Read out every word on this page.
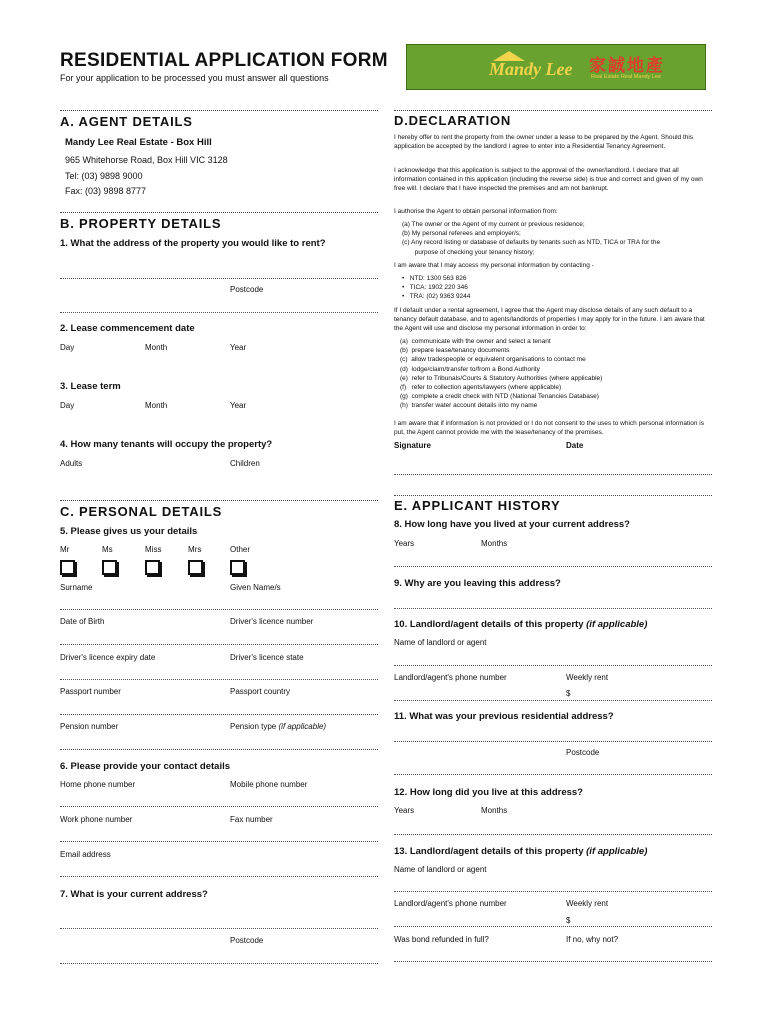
RESIDENTIAL APPLICATION FORM
For your application to be processed you must answer all questions	Mandy Lee 家誠地產
Real Estate Real Mandy Lee
A. AGENT DETAILS
Mandy Lee Real Estate - Box Hill
965 Whitehorse Road, Box Hill VIC 3128
Tel: (03) 9898 9000
Fax: (03) 9898 8777
B. PROPERTY DETAILS
1. What the address of the property you would like to rent?
Postcode
2. Lease commencement date
Day	Month	Year
3. Lease term
Day	Month	Year
4. How many tenants will occupy the property?
Adults	Children
C. PERSONAL DETAILS
5. Please gives us your details
Mr	Ms	Miss	Mrs	Other
Surname	Given Name/s
Date of Birth	Driver's licence number
Driver's licence expiry date	Driver's licence state
Passport number	Passport country
Pension number	Pension type (if applicable)
6. Please provide your contact details
Home phone number	Mobile phone number
Work phone number	Fax number
Email address
7. What is your current address?
Postcode
D.DECLARATION
I hereby offer to rent the property from the owner under a lease to be prepared by the Agent. Should this application be accepted by the landlord I agree to enter into a Residential Tenancy Agreement.
I acknowledge that this application is subject to the approval of the owner/landlord. I declare that all information contained in this application (including the reverse side) is true and correct and given of my own free will. I declare that I have inspected the premises and am not bankrupt.
I authorise the Agent to obtain personal information from:
(a) The owner or the Agent of my current or previous residence;
(b) My personal referees and employer/s;
(c) Any record listing or database of defaults by tenants such as NTD, TICA or TRA for the
purpose of checking your tenancy history;
I am aware that I may access my personal information by contacting -
•   NTD: 1300 563 826
•   TICA: 1902 220 346
•   TRA: (02) 9363 9244
If I default under a rental agreement, I agree that the Agent may disclose details of any such default to a tenancy default database, and to agents/landlords of properties I may apply for in the future. I am aware that the Agent will use and disclose my personal information in order to:
(a)  communicate with the owner and select a tenant
(b)  prepare lease/tenancy documents
(c)  allow tradespeople or equivalent organisations to contact me
(d)  lodge/claim/transfer to/from a Bond Authority
(e)  refer to Tribunals/Courts & Statutory Authorities (where applicable)
(f)   refer to collection agents/lawyers (where applicable)
(g)  complete a credit check with NTD (National Tenancies Database)
(h)  transfer water account details into my name
I am aware that if information is not provided or I do not consent to the uses to which personal information is put, the Agent cannot provide me with the lease/tenancy of the premises.
Signature	Date
E. APPLICANT HISTORY
8. How long have you lived at your current address?
Years	Months
9. Why are you leaving this address?
10. Landlord/agent details of this property (if applicable)
Name of landlord or agent
Landlord/agent's phone number	Weekly rent
$
11. What was your previous residential address?
Postcode
12. How long did you live at this address?
Years	Months
13. Landlord/agent details of this property (if applicable)
Name of landlord or agent
Landlord/agent's phone number	Weekly rent
$
Was bond refunded in full?	If no, why not?
